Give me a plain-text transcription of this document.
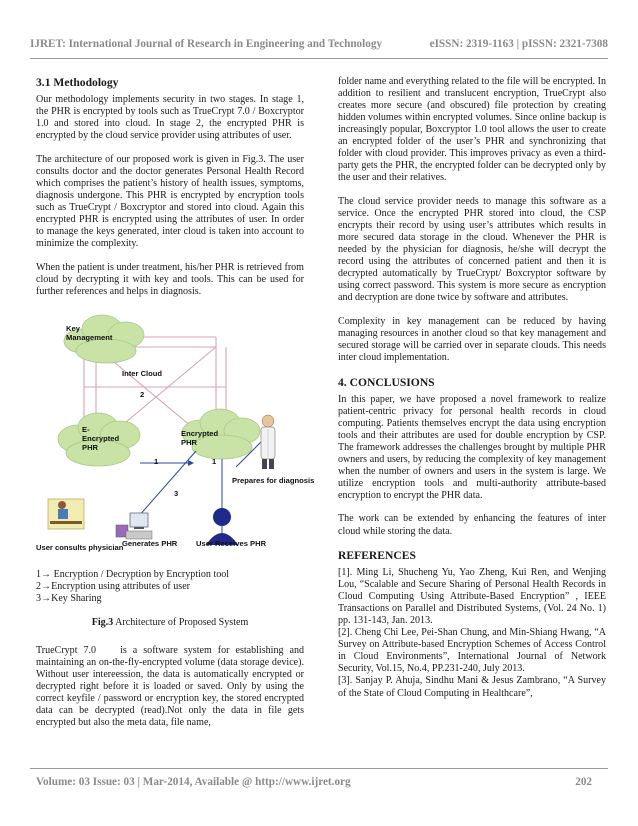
IJRET: International Journal of Research in Engineering and Technology	eISSN: 2319-1163 | pISSN: 2321-7308
3.1 Methodology

Our methodology implements security in two stages. In stage 1, the PHR is encrypted by tools such as TrueCrypt 7.0 / Boxcryptor 1.0 and stored into cloud. In stage 2, the encrypted PHR is encrypted by the cloud service provider using attributes of user.

The architecture of our proposed work is given in Fig.3. The user consults doctor and the doctor generates Personal Health Record which comprises the patient’s history of health issues, symptoms, diagnosis undergone. This PHR is encrypted by encryption tools such as TrueCrypt / Boxcryptor and stored into cloud. Again this encrypted PHR is encrypted using the attributes of user. In order to manage the keys generated, inter cloud is taken into account to minimize the complexity.

When the patient is under treatment, his/her PHR is retrieved from cloud by decrypting it with key and tools. This can be used for further references and helps in diagnosis.

Key
Management
Inter Cloud
2
E-
Encrypted
PHR
Encrypted
PHR
1	1
3
Prepares for diagnosis
User consults physician
Generates PHR User Receives PHR
1→ Encryption / Decryption by Encryption tool
2→Encryption using attributes of user
3→Key Sharing
Fig.3 Architecture of Proposed System

TrueCrypt 7.0    is a software system for establishing and maintaining an on-the-fly-encrypted volume (data storage device). Without user intereession, the data is automatically encrypted or decrypted right before it is loaded or saved. Only by using the correct keyfile / password or encryption key, the stored encrypted data can be decrypted (read).Not only the data in file gets encrypted but also the meta data, file name,

folder name and everything related to the file will be encrypted. In addition to resilient and translucent encryption, TrueCrypt also creates more secure (and obscured) file protection by creating hidden volumes within encrypted volumes. Since online backup is increasingly popular, Boxcryptor 1.0 tool allows the user to create an encrypted folder of the user’s PHR and synchronizing that folder with cloud provider. This improves privacy as even a third-party gets the PHR, the encrypted folder can be decrypted only by the user and their relatives.

The cloud service provider needs to manage this software as a service. Once the encrypted PHR stored into cloud, the CSP encrypts their record by using user’s attributes which results in more secured data storage in the cloud. Whenever the PHR is needed by the physician for diagnosis, he/she will decrypt the record using the attributes of concerned patient and then it is decrypted automatically by TrueCrypt/ Boxcryptor software by using correct password. This system is more secure as encryption and decryption are done twice by software and attributes.

Complexity in key management can be reduced by having managing resources in another cloud so that key management and secured storage will be carried over in separate clouds. This needs inter cloud implementation.

4. CONCLUSIONS

In this paper, we have proposed a novel framework to realize patient-centric privacy for personal health records in cloud computing. Patients themselves encrypt the data using encryption tools and their attributes are used for double encryption by CSP. The framework addresses the challenges brought by multiple PHR owners and users, by reducing the complexity of key management when the number of owners and users in the system is large. We utilize encryption tools and multi-authority attribute-based encryption to encrypt the PHR data.

The work can be extended by enhancing the features of inter cloud while storing the data.

REFERENCES

[1]. Ming Li, Shucheng Yu, Yao Zheng, Kui Ren, and Wenjing Lou, “Scalable and Secure Sharing of Personal Health Records in Cloud Computing Using Attribute-Based Encryption” , IEEE Transactions on Parallel and Distributed Systems, (Vol. 24 No. 1) pp. 131-143, Jan. 2013.

[2]. Cheng Chi Lee, Pei-Shan Chung, and Min-Shiang Hwang, “A Survey on Attribute-based Encryption Schemes of Access Control in Cloud Environments”, International Journal of Network Security, Vol.15, No.4, PP.231-240, July 2013.

[3]. Sanjay P. Ahuja, Sindhu Mani & Jesus Zambrano, “A Survey of the State of Cloud Computing in Healthcare”,

Volume: 03 Issue: 03 | Mar-2014, Available @ http://www.ijret.org	202
